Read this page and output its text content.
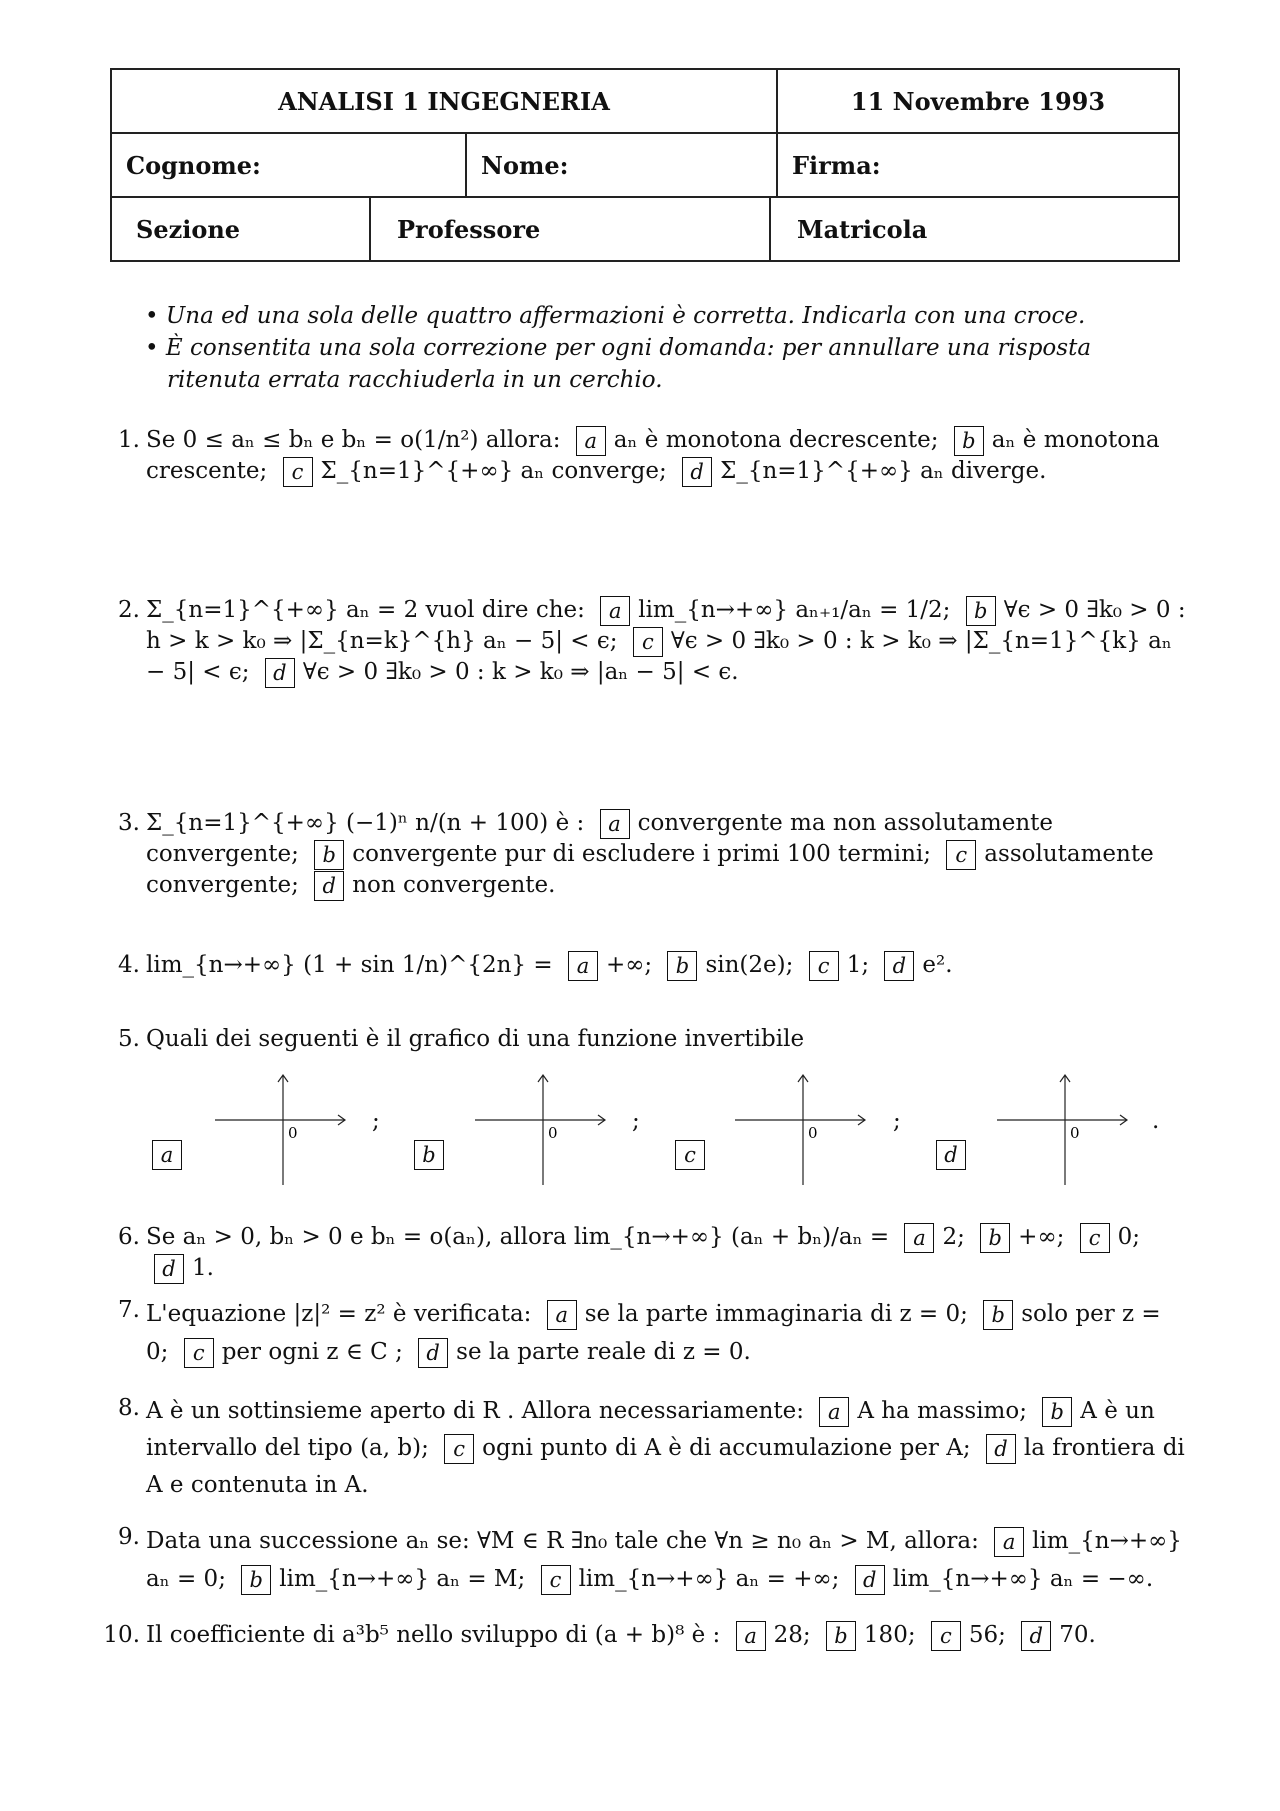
ANALISI 1 INGEGNERIA	11 Novembre 1993
Cognome:	Nome:	Firma:
Sezione	Professore	Matricola
• Una ed una sola delle quattro affermazioni è corretta. Indicarla con una croce.
• È consentita una sola correzione per ogni domanda: per annullare una risposta ritenuta errata racchiuderla in un cerchio.
1. Se 0 ≤ aₙ ≤ bₙ e bₙ = o(1/n²) allora: a aₙ è monotona decrescente; b aₙ è monotona crescente; c Σ_{n=1}^{+∞} aₙ converge; d Σ_{n=1}^{+∞} aₙ diverge.
2. Σ_{n=1}^{+∞} aₙ = 2 vuol dire che: a lim_{n→+∞} aₙ₊₁/aₙ = 1/2; b ∀ϵ > 0 ∃k₀ > 0 : h > k > k₀ ⇒ |Σ_{n=k}^{h} aₙ − 5| < ϵ; c ∀ϵ > 0 ∃k₀ > 0 : k > k₀ ⇒ |Σ_{n=1}^{k} aₙ − 5| < ϵ; d ∀ϵ > 0 ∃k₀ > 0 : k > k₀ ⇒ |aₙ − 5| < ϵ.
3. Σ_{n=1}^{+∞} (−1)ⁿ n/(n + 100) è : a convergente ma non assolutamente convergente; b convergente pur di escludere i primi 100 termini; c assolutamente convergente; d non convergente.
4. lim_{n→+∞} (1 + sin 1/n)^{2n} = a +∞; b sin(2e); c 1; d e².
5. Quali dei seguenti è il grafico di una funzione invertibile
a
0	;
b
0	;
c
0	;
d
0	.
6. Se aₙ > 0, bₙ > 0 e bₙ = o(aₙ), allora lim_{n→+∞} (aₙ + bₙ)/aₙ = a 2; b +∞; c 0; d 1.
7. L'equazione |z|² = z² è verificata: a se la parte immaginaria di z = 0; b solo per z = 0; c per ogni z ∈ C ; d se la parte reale di z = 0.
8. A è un sottinsieme aperto di R . Allora necessariamente: a A ha massimo; b A è un intervallo del tipo (a, b); c ogni punto di A è di accumulazione per A; d la frontiera di A e contenuta in A.
9. Data una successione aₙ se: ∀M ∈ R ∃n₀ tale che ∀n ≥ n₀ aₙ > M, allora: a lim_{n→+∞} aₙ = 0; b lim_{n→+∞} aₙ = M; c lim_{n→+∞} aₙ = +∞; d lim_{n→+∞} aₙ = −∞.
10. Il coefficiente di a³b⁵ nello sviluppo di (a + b)⁸ è : a 28; b 180; c 56; d 70.
